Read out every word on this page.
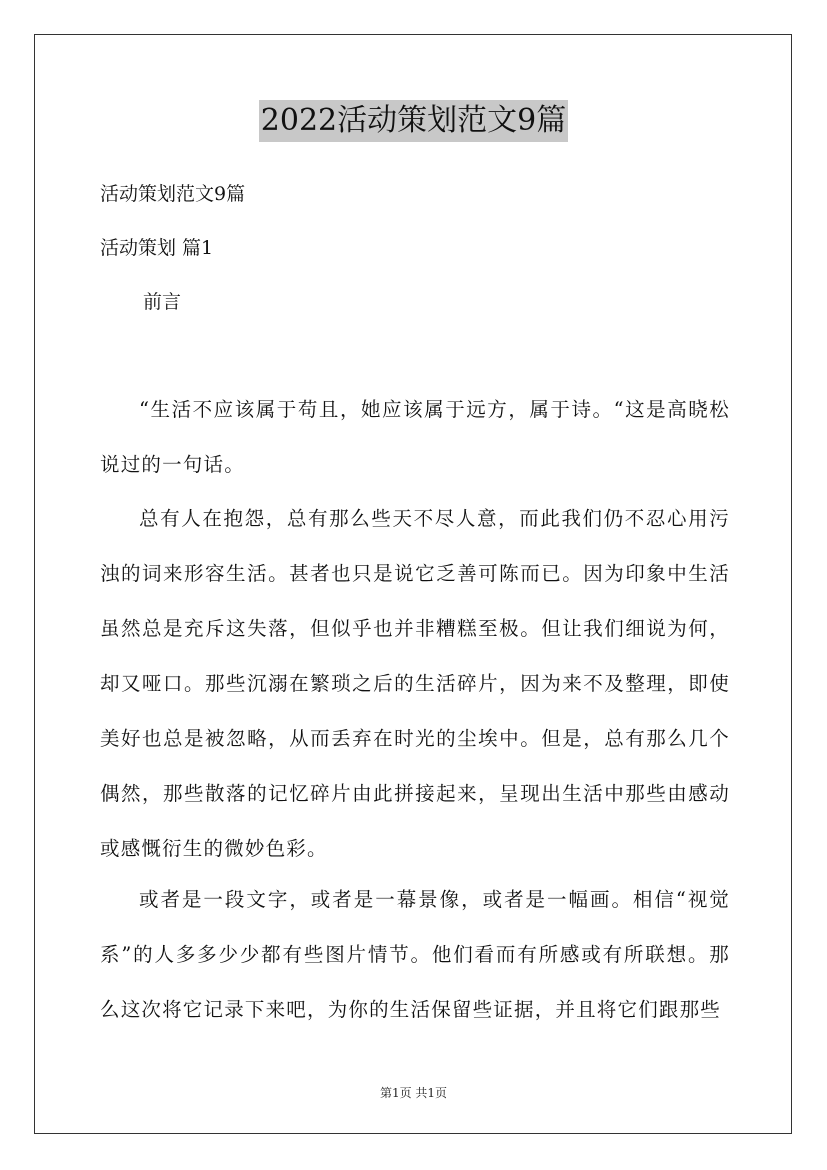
2022活动策划范文9篇
活动策划范文9篇
活动策划 篇1
前言
“生活不应该属于苟且，她应该属于远方，属于诗。“这是高晓松说过的一句话。
总有人在抱怨，总有那么些天不尽人意，而此我们仍不忍心用污浊的词来形容生活。甚者也只是说它乏善可陈而已。因为印象中生活虽然总是充斥这失落，但似乎也并非糟糕至极。但让我们细说为何，却又哑口。那些沉溺在繁琐之后的生活碎片，因为来不及整理，即使美好也总是被忽略，从而丢弃在时光的尘埃中。但是，总有那么几个偶然，那些散落的记忆碎片由此拼接起来，呈现出生活中那些由感动或感慨衍生的微妙色彩。
或者是一段文字，或者是一幕景像，或者是一幅画。相信“视觉系”的人多多少少都有些图片情节。他们看而有所感或有所联想。那么这次将它记录下来吧，为你的生活保留些证据，并且将它们跟那些
第1页 共1页
